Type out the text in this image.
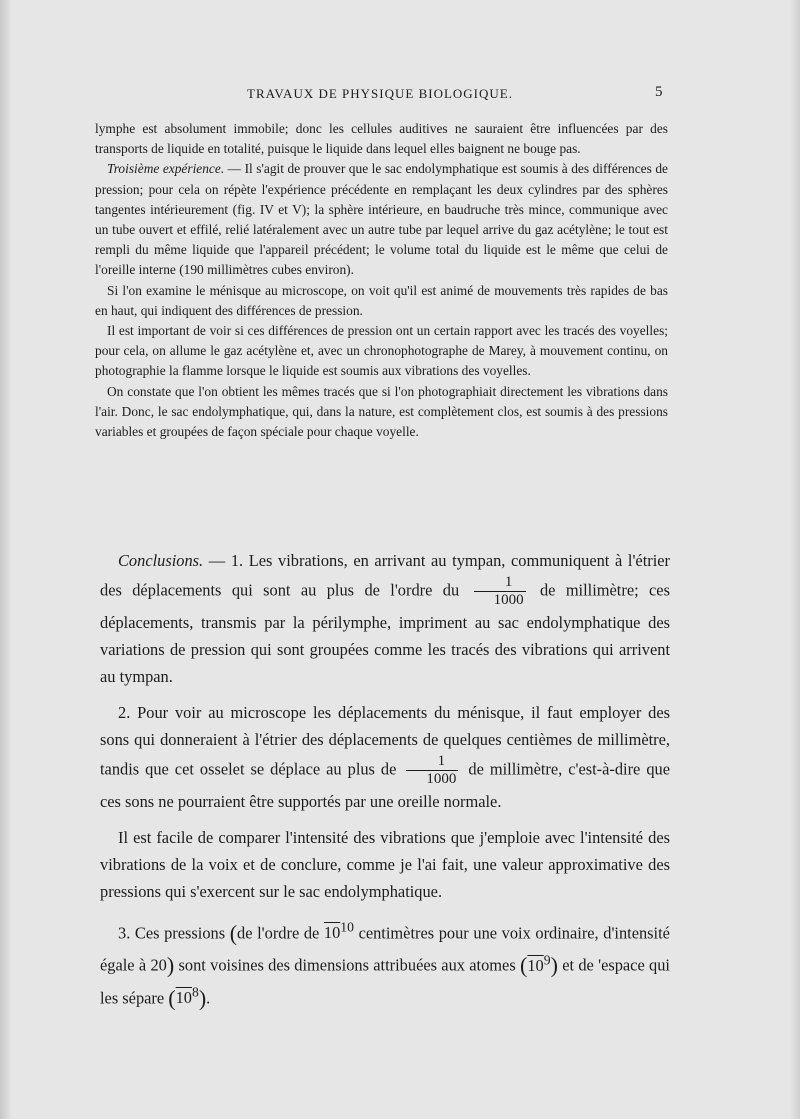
TRAVAUX DE PHYSIQUE BIOLOGIQUE.	5

lymphe est absolument immobile; donc les cellules auditives ne sauraient être influencées par des transports de liquide en totalité, puisque le liquide dans lequel elles baignent ne bouge pas.

Troisième expérience. — Il s'agit de prouver que le sac endolymphatique est soumis à des différences de pression; pour cela on répète l'expérience précédente en remplaçant les deux cylindres par des sphères tangentes intérieurement (fig. IV et V); la sphère intérieure, en baudruche très mince, communique avec un tube ouvert et effilé, relié latéralement avec un autre tube par lequel arrive du gaz acétylène; le tout est rempli du même liquide que l'appareil précédent; le volume total du liquide est le même que celui de l'oreille interne (190 millimètres cubes environ).

Si l'on examine le ménisque au microscope, on voit qu'il est animé de mouvements très rapides de bas en haut, qui indiquent des différences de pression.

Il est important de voir si ces différences de pression ont un certain rapport avec les tracés des voyelles; pour cela, on allume le gaz acétylène et, avec un chronophotographe de Marey, à mouvement continu, on photographie la flamme lorsque le liquide est soumis aux vibrations des voyelles.

On constate que l'on obtient les mêmes tracés que si l'on photographiait directement les vibrations dans l'air. Donc, le sac endolymphatique, qui, dans la nature, est complètement clos, est soumis à des pressions variables et groupées de façon spéciale pour chaque voyelle.

Conclusions. — 1. Les vibrations, en arrivant au tympan, communiquent à l'étrier des déplacements qui sont au plus de l'ordre du $\frac{1}{1000}$ de millimètre; ces déplacements, transmis par la périlymphe, impriment au sac endolymphatique des variations de pression qui sont groupées comme les tracés des vibrations qui arrivent au tympan.

2. Pour voir au microscope les déplacements du ménisque, il faut employer des sons qui donneraient à l'étrier des déplacements de quelques centièmes de millimètre, tandis que cet osselet se déplace au plus de $\frac{1}{1000}$ de millimètre, c'est-à-dire que ces sons ne pourraient être supportés par une oreille normale.

Il est facile de comparer l'intensité des vibrations que j'emploie avec l'intensité des vibrations de la voix et de conclure, comme je l'ai fait, une valeur approximative des pressions qui s'exercent sur le sac endolymphatique.

3. Ces pressions (de l'ordre de $10^{10}$ centimètres pour une voix ordinaire, d'intensité égale à 20) sont voisines des dimensions attribuées aux atomes $(10^9)$ et de 'espace qui les sépare $(10^8)$.
